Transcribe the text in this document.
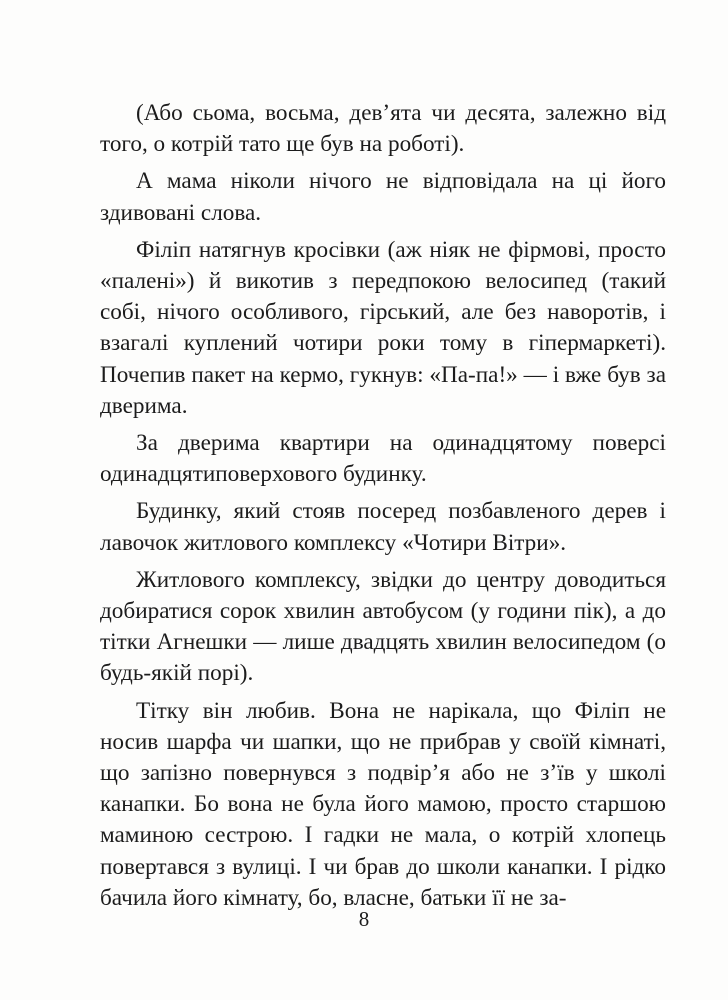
(Або сьома, восьма, дев’ята чи десята, залежно від того, о котрій тато ще був на роботі).

А мама ніколи нічого не відповідала на ці його здивовані слова.

Філіп натягнув кросівки (аж ніяк не фірмові, просто «палені») й викотив з передпокою велосипед (такий собі, нічого особливого, гірський, але без наворотів, і взагалі куплений чотири роки тому в гіпермаркеті). Почепив пакет на кермо, гукнув: «Па-па!» — і вже був за дверима.

За дверима квартири на одинадцятому поверсі одинадцятиповерхового будинку.

Будинку, який стояв посеред позбавленого дерев і лавочок житлового комплексу «Чотири Вітри».

Житлового комплексу, звідки до центру доводиться добиратися сорок хвилин автобусом (у години пік), а до тітки Агнешки — лише двадцять хвилин велосипедом (о будь-якій порі).

Тітку він любив. Вона не нарікала, що Філіп не носив шарфа чи шапки, що не прибрав у своїй кімнаті, що запізно повернувся з подвір’я або не з’їв у школі канапки. Бо вона не була його мамою, просто старшою маминою сестрою. І гадки не мала, о котрій хлопець повертався з вулиці. І чи брав до школи канапки. І рідко бачила його кімнату, бо, власне, батьки її не за-

8
